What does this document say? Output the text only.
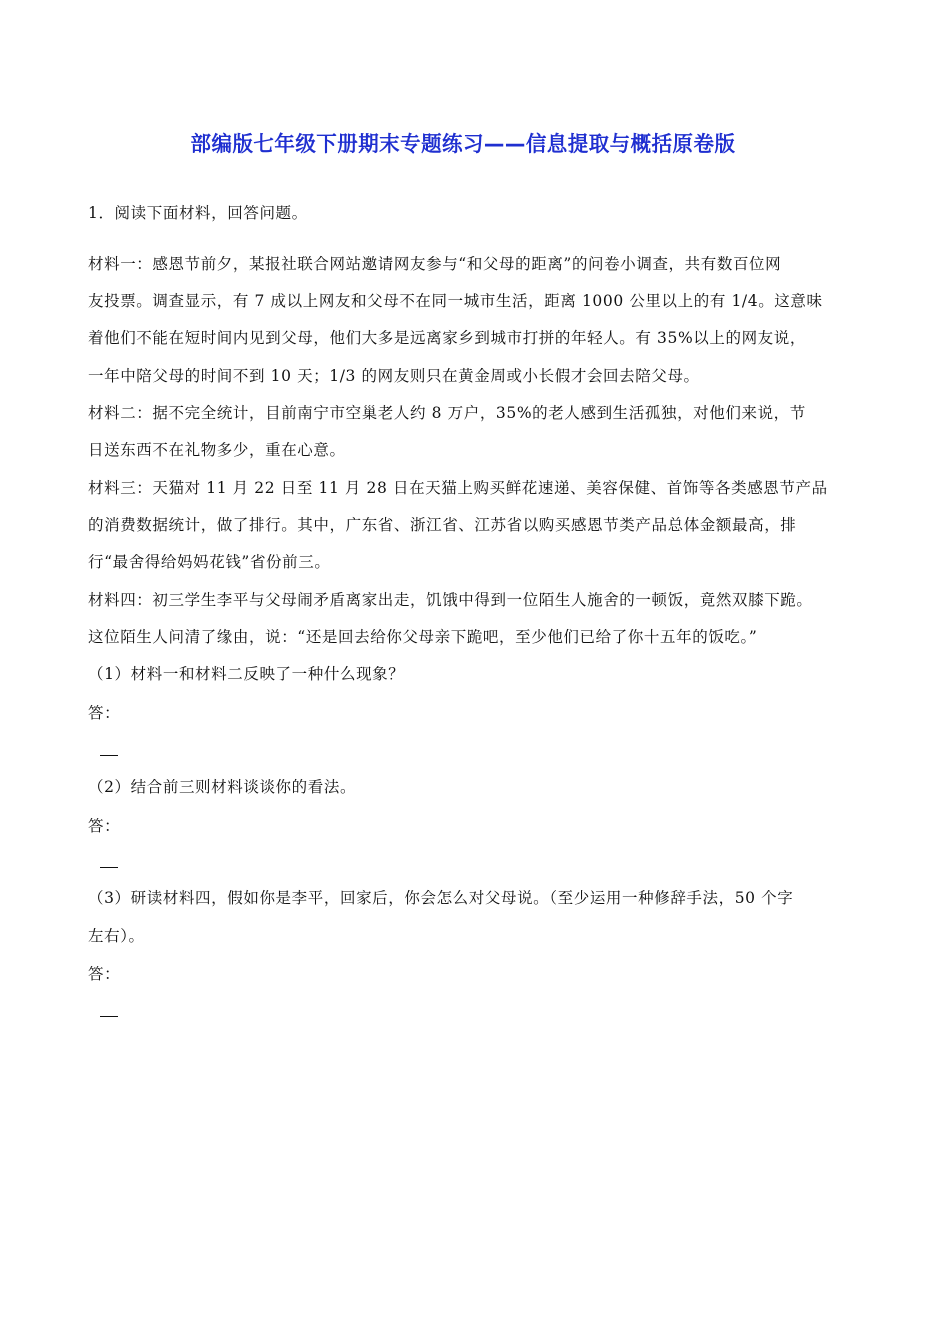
部编版七年级下册期末专题练习——信息提取与概括原卷版
1．阅读下面材料，回答问题。
材料一：感恩节前夕，某报社联合网站邀请网友参与“和父母的距离”的问卷小调查，共有数百位网
友投票。调查显示，有 7 成以上网友和父母不在同一城市生活，距离 1000 公里以上的有 1/4。这意味
着他们不能在短时间内见到父母，他们大多是远离家乡到城市打拼的年轻人。有 35%以上的网友说，
一年中陪父母的时间不到 10 天；1/3 的网友则只在黄金周或小长假才会回去陪父母。
材料二：据不完全统计，目前南宁市空巢老人约 8 万户，35%的老人感到生活孤独，对他们来说，节
日送东西不在礼物多少，重在心意。
材料三：天猫对 11 月 22 日至 11 月 28 日在天猫上购买鲜花速递、美容保健、首饰等各类感恩节产品
的消费数据统计，做了排行。其中，广东省、浙江省、江苏省以购买感恩节类产品总体金额最高，排
行“最舍得给妈妈花钱”省份前三。
材料四：初三学生李平与父母闹矛盾离家出走，饥饿中得到一位陌生人施舍的一顿饭，竟然双膝下跪。
这位陌生人问清了缘由，说：“还是回去给你父母亲下跪吧，至少他们已给了你十五年的饭吃。”
（1）材料一和材料二反映了一种什么现象？
答：
（2）结合前三则材料谈谈你的看法。
答：
（3）研读材料四，假如你是李平，回家后，你会怎么对父母说。（至少运用一种修辞手法，50 个字
左右）。
答：
